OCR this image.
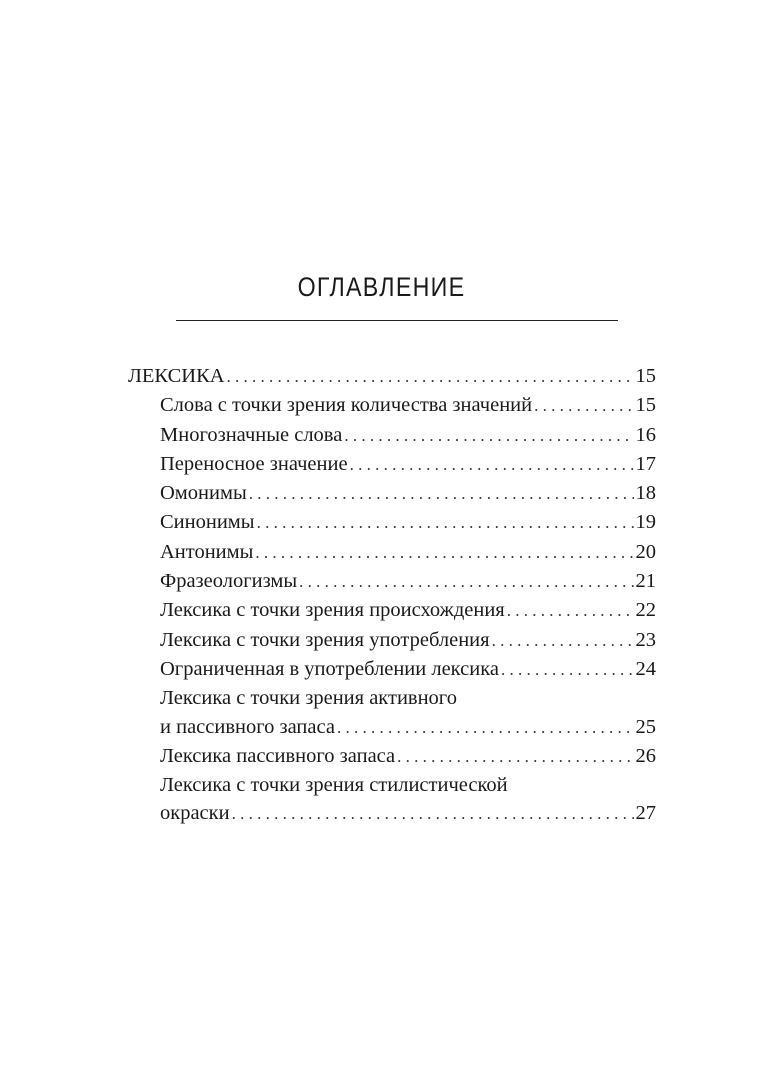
ОГЛАВЛЕНИЕ
ЛЕКСИКА . . .	15
Слова с точки зрения количества значений . . .	15
Многозначные слова . . .	16
Переносное значение . . .	17
Омонимы . . .	18
Синонимы . . .	19
Антонимы . . .	20
Фразеологизмы . . .	21
Лексика с точки зрения происхождения . . .	22
Лексика с точки зрения употребления . . .	23
Ограниченная в употреблении лексика . . .	24
Лексика с точки зрения активного
и пассивного запаса . . .	25
Лексика пассивного запаса . . .	26
Лексика с точки зрения стилистической
окраски . . .	27
